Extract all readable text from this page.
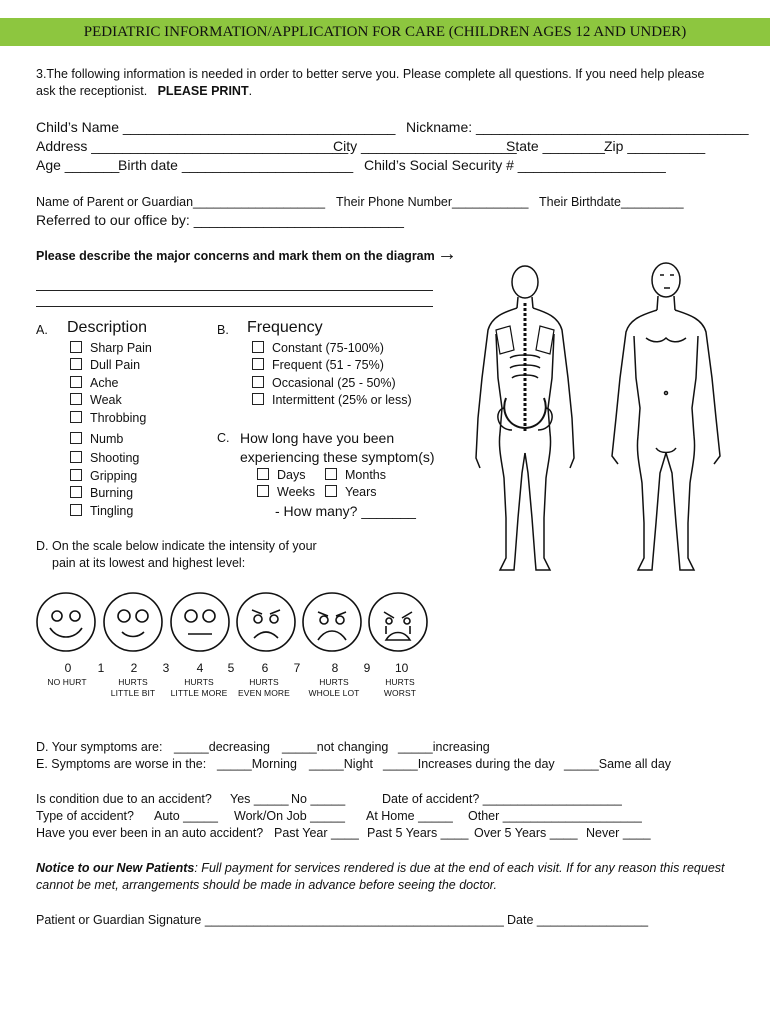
PEDIATRIC INFORMATION/APPLICATION FOR CARE (CHILDREN AGES 12 AND UNDER)
3.The following information is needed in order to better serve you. Please complete all questions. If you need help please
ask the receptionist. PLEASE PRINT.
Child’s Name ___________________________________ Nickname: ___________________________________
Address _________________________________
City ____________________
State ________ Zip __________
Age _______
Birth date ______________________ Child’s Social Security # ___________________
Name of Parent or Guardian___________________ Their Phone Number___________ Their Birthdate_________
Referred to our office by: ___________________________
Please describe the major concerns and mark them on the diagram →
A. Description
Sharp Pain
Dull Pain
Ache
Weak
Throbbing
Numb
Shooting
Gripping
Burning
Tingling
B. Frequency
Constant (75-100%)
Frequent (51 - 75%)
Occasional (25 - 50%)
Intermittent (25% or less)
C. How long have you been
experiencing these symptom(s)
Days	Months
Weeks	Years
- How many? _______
D. On the scale below indicate the intensity of your
pain at its lowest and highest level:
0 1 2 3 4 5 6 7	8 9 10
NO HURT	HURTS
LITTLE BIT
HURTS
LITTLE MORE
HURTS
EVEN MORE
HURTS
WHOLE LOT
HURTS
WORST
D. Your symptoms are: _____decreasing _____not changing _____increasing
E. Symptoms are worse in the: _____Morning _____Night _____Increases during the day _____Same all day
Is condition due to an accident? Yes _____ No _____	Date of accident? ____________________
Type of accident? Auto _____ Work/On Job _____ At Home _____ Other ____________________
Have you ever been in an auto accident? Past Year ____ Past 5 Years ____ Over 5 Years ____ Never ____
Notice to our New Patients: Full payment for services rendered is due at the end of each visit. If for any reason this request
cannot be met, arrangements should be made in advance before seeing the doctor.
Patient or Guardian Signature ___________________________________________ Date ________________
